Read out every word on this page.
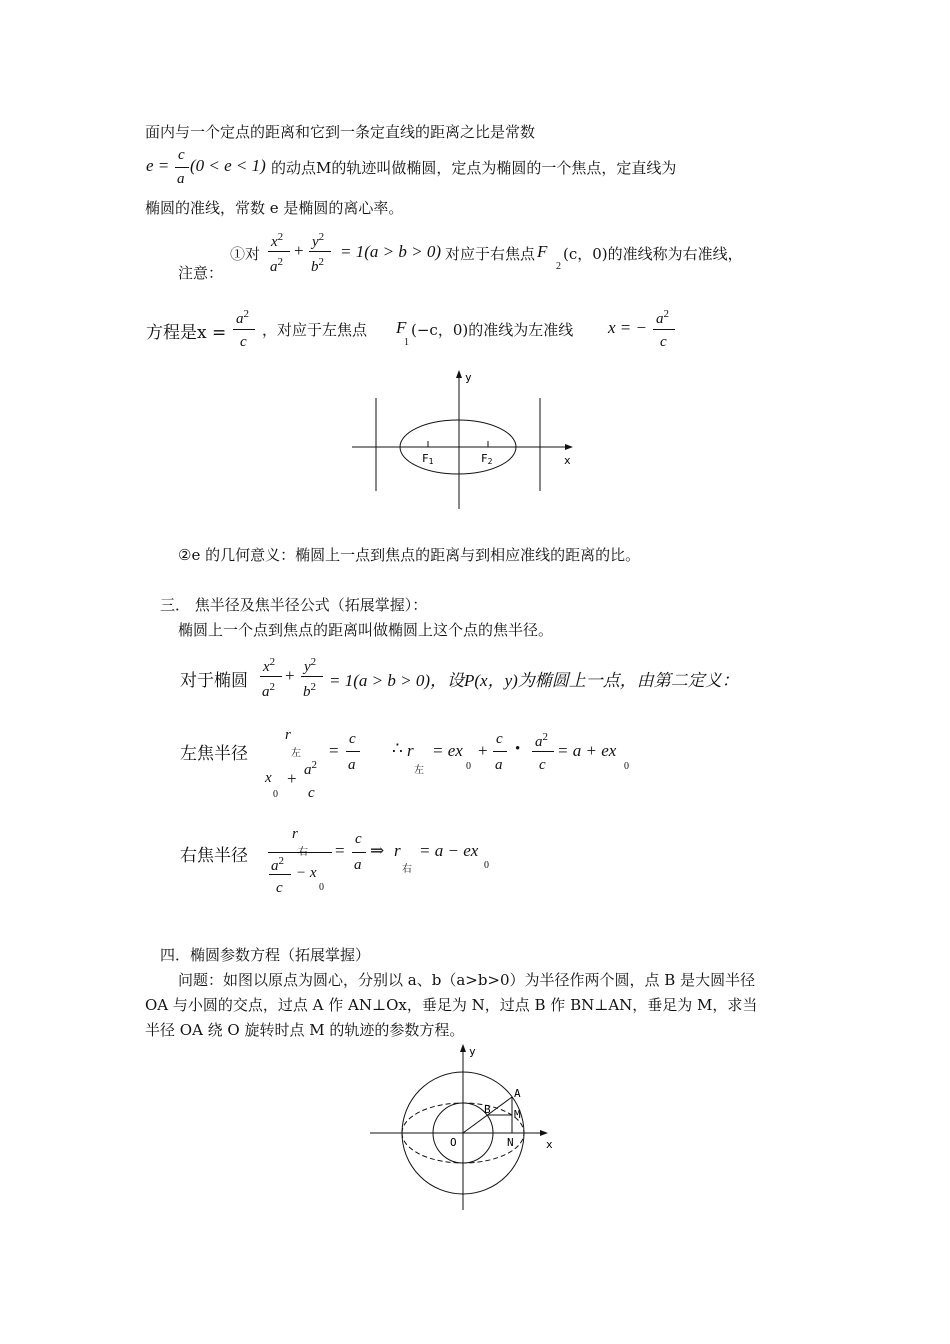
面内与一个定点的距离和它到一条定直线的距离之比是常数
e =
c
a
(0 < e < 1) 的动点M的轨迹叫做椭圆，定点为椭圆的一个焦点，定直线为
椭圆的准线，常数 e 是椭圆的离心率。
注意：
①对
$x^2$
$a^2$
+ $y^2$
$b^2$
= 1(a > b > 0) 对应于右焦点 F
2
(c，0)的准线称为右准线，
方程是x =
$a^2$
c
，对应于左焦点 F
1
(−c，0)的准线为左准线 x = − $a^2$
c
y
x
F1	F2
②e 的几何意义：椭圆上一点到焦点的距离与到相应准线的距离的比。
三． 焦半径及焦半径公式（拓展掌握）：
椭圆上一个点到焦点的距离叫做椭圆上这个点的焦半径。
对于椭圆
$x^2$
$a^2$
+ $y^2$
$b^2 = 1(a > b > 0)$，设P(x，y)为椭圆上一点，由第二定义：
左焦半径
r
左
x
0
+ $a^2$
c
=
c
a
∴ r
左
= ex
0
+
c
a
• $a^2$
c
= a + ex
0
右焦半径
r
$a^2$
c
− x
0
=
c
a
⇒ r
右
= a − ex
0
四．椭圆参数方程（拓展掌握）
问题：如图以原点为圆心，分别以 a、b（a>b>0）为半径作两个圆，点 B 是大圆半径
OA 与小圆的交点，过点 A 作 AN⊥Ox，垂足为 N，过点 B 作 BN⊥AN，垂足为 M，求当
半径 OA 绕 O 旋转时点 M 的轨迹的参数方程。
A
B M
N
O
y
x
